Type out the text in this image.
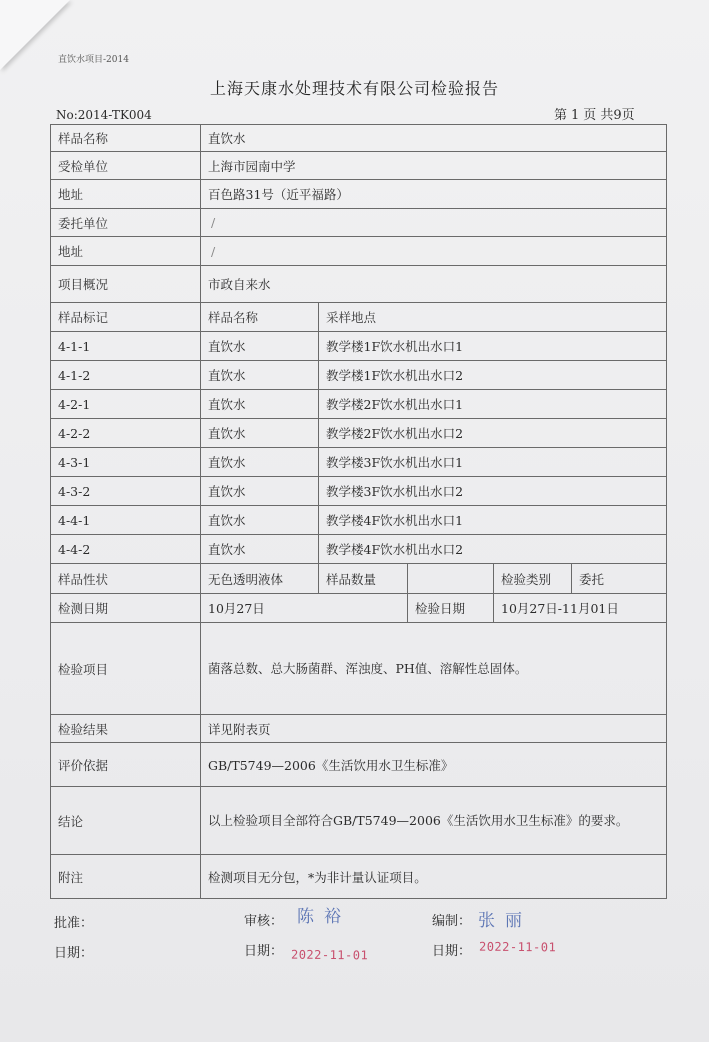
直饮水项目-2014
上海天康水处理技术有限公司检验报告
No:2014-TK004	第 1 页 共9页
样品名称	直饮水				
受检单位	上海市园南中学				
地址	百色路31号（近平福路）				
委托单位	/				
地址	/				
项目概况	市政自来水				
样品标记	样品名称	采样地点			
4-1-1	直饮水	教学楼1F饮水机出水口1			
4-1-2	直饮水	教学楼1F饮水机出水口2			
4-2-1	直饮水	教学楼2F饮水机出水口1			
4-2-2	直饮水	教学楼2F饮水机出水口2			
4-3-1	直饮水	教学楼3F饮水机出水口1			
4-3-2	直饮水	教学楼3F饮水机出水口2			
4-4-1	直饮水	教学楼4F饮水机出水口1			
4-4-2	直饮水	教学楼4F饮水机出水口2			
样品性状	无色透明液体	样品数量		检验类别	委托
检测日期	10月27日		检验日期	10月27日-11月01日	
检验项目	菌落总数、总大肠菌群、浑浊度、PH值、溶解性总固体。				
检验结果	详见附表页				
评价依据	GB/T5749—2006《生活饮用水卫生标准》				
结论	以上检验项目全部符合GB/T5749—2006《生活饮用水卫生标准》的要求。				
附注	检测项目无分包，*为非计量认证项目。				
批准：	审核： 陈裕	编制： 张丽
日期：	日期： 2022-11-01	日期： 2022-11-01
